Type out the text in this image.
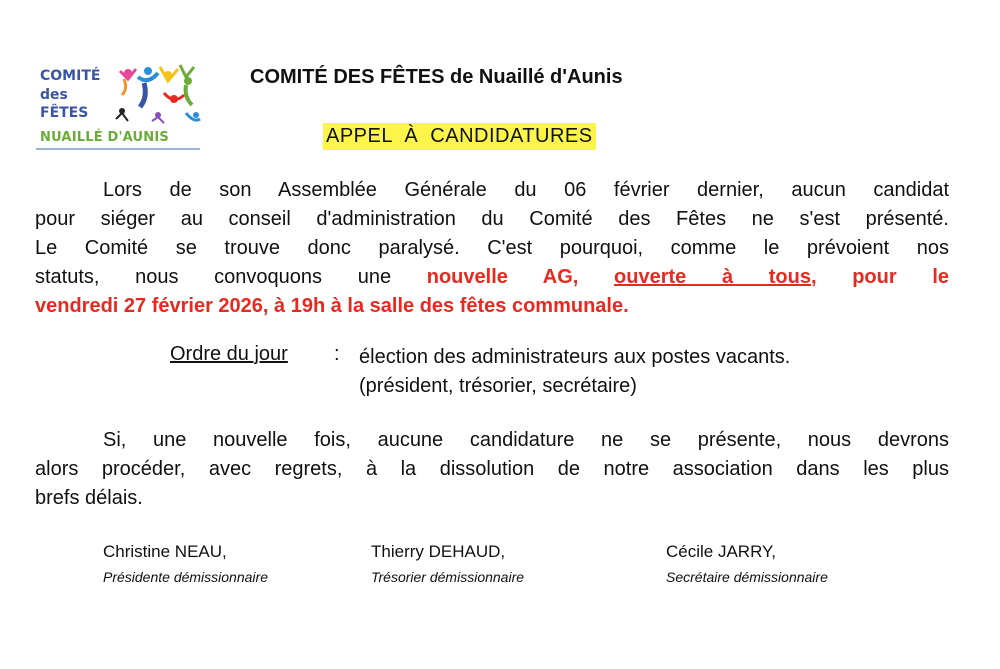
COMITÉ
des
FÊTES
NUAILLÉ D'AUNIS
COMITÉ DES FÊTES de Nuaillé d'Aunis
APPEL  À  CANDIDATURES
Lors de son Assemblée Générale du 06 février dernier, aucun candidat
pour siéger au conseil d'administration du Comité des Fêtes ne s'est présenté.
Le Comité se trouve donc paralysé. C'est pourquoi, comme le prévoient nos
statuts, nous convoquons une nouvelle AG, ouverte à tous, pour le
vendredi 27 février 2026, à 19h à la salle des fêtes communale.
Ordre du jour : élection des administrateurs aux postes vacants.
(président, trésorier, secrétaire)
Si, une nouvelle fois, aucune candidature ne se présente, nous devrons
alors procéder, avec regrets, à la dissolution de notre association dans les plus
brefs délais.
Christine NEAU,
Présidente démissionnaire
Thierry DEHAUD,
Trésorier démissionnaire
Cécile JARRY,
Secrétaire démissionnaire
